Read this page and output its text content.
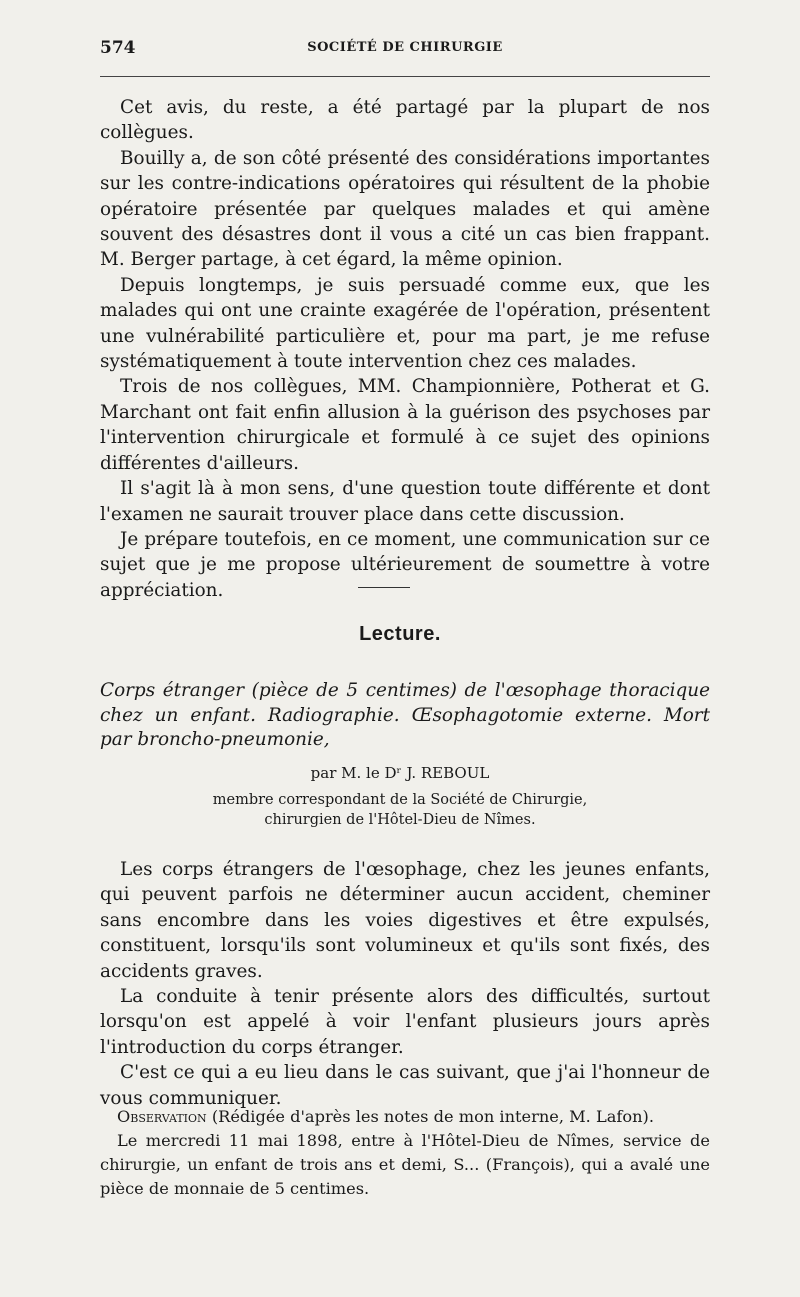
574	SOCIÉTÉ DE CHIRURGIE

Cet avis, du reste, a été partagé par la plupart de nos collègues.

Bouilly a, de son côté présenté des considérations importantes sur les contre-indications opératoires qui résultent de la phobie opératoire présentée par quelques malades et qui amène souvent des désastres dont il vous a cité un cas bien frappant. M. Berger partage, à cet égard, la même opinion.

Depuis longtemps, je suis persuadé comme eux, que les malades qui ont une crainte exagérée de l'opération, présentent une vulnérabilité particulière et, pour ma part, je me refuse systématiquement à toute intervention chez ces malades.

Trois de nos collègues, MM. Championnière, Potherat et G. Marchant ont fait enfin allusion à la guérison des psychoses par l'intervention chirurgicale et formulé à ce sujet des opinions différentes d'ailleurs.

Il s'agit là à mon sens, d'une question toute différente et dont l'examen ne saurait trouver place dans cette discussion.

Je prépare toutefois, en ce moment, une communication sur ce sujet que je me propose ultérieurement de soumettre à votre appréciation.

Lecture.
Corps étranger (pièce de 5 centimes) de l'œsophage thoracique chez un enfant. Radiographie. Œsophagotomie externe. Mort par broncho-pneumonie,
par M. le Dʳ J. REBOUL
membre correspondant de la Société de Chirurgie,
chirurgien de l'Hôtel-Dieu de Nîmes.

Les corps étrangers de l'œsophage, chez les jeunes enfants, qui peuvent parfois ne déterminer aucun accident, cheminer sans encombre dans les voies digestives et être expulsés, constituent, lorsqu'ils sont volumineux et qu'ils sont fixés, des accidents graves.

La conduite à tenir présente alors des difficultés, surtout lorsqu'on est appelé à voir l'enfant plusieurs jours après l'introduction du corps étranger.

C'est ce qui a eu lieu dans le cas suivant, que j'ai l'honneur de vous communiquer.

Observation (Rédigée d'après les notes de mon interne, M. Lafon).

Le mercredi 11 mai 1898, entre à l'Hôtel-Dieu de Nîmes, service de chirurgie, un enfant de trois ans et demi, S... (François), qui a avalé une pièce de monnaie de 5 centimes.
